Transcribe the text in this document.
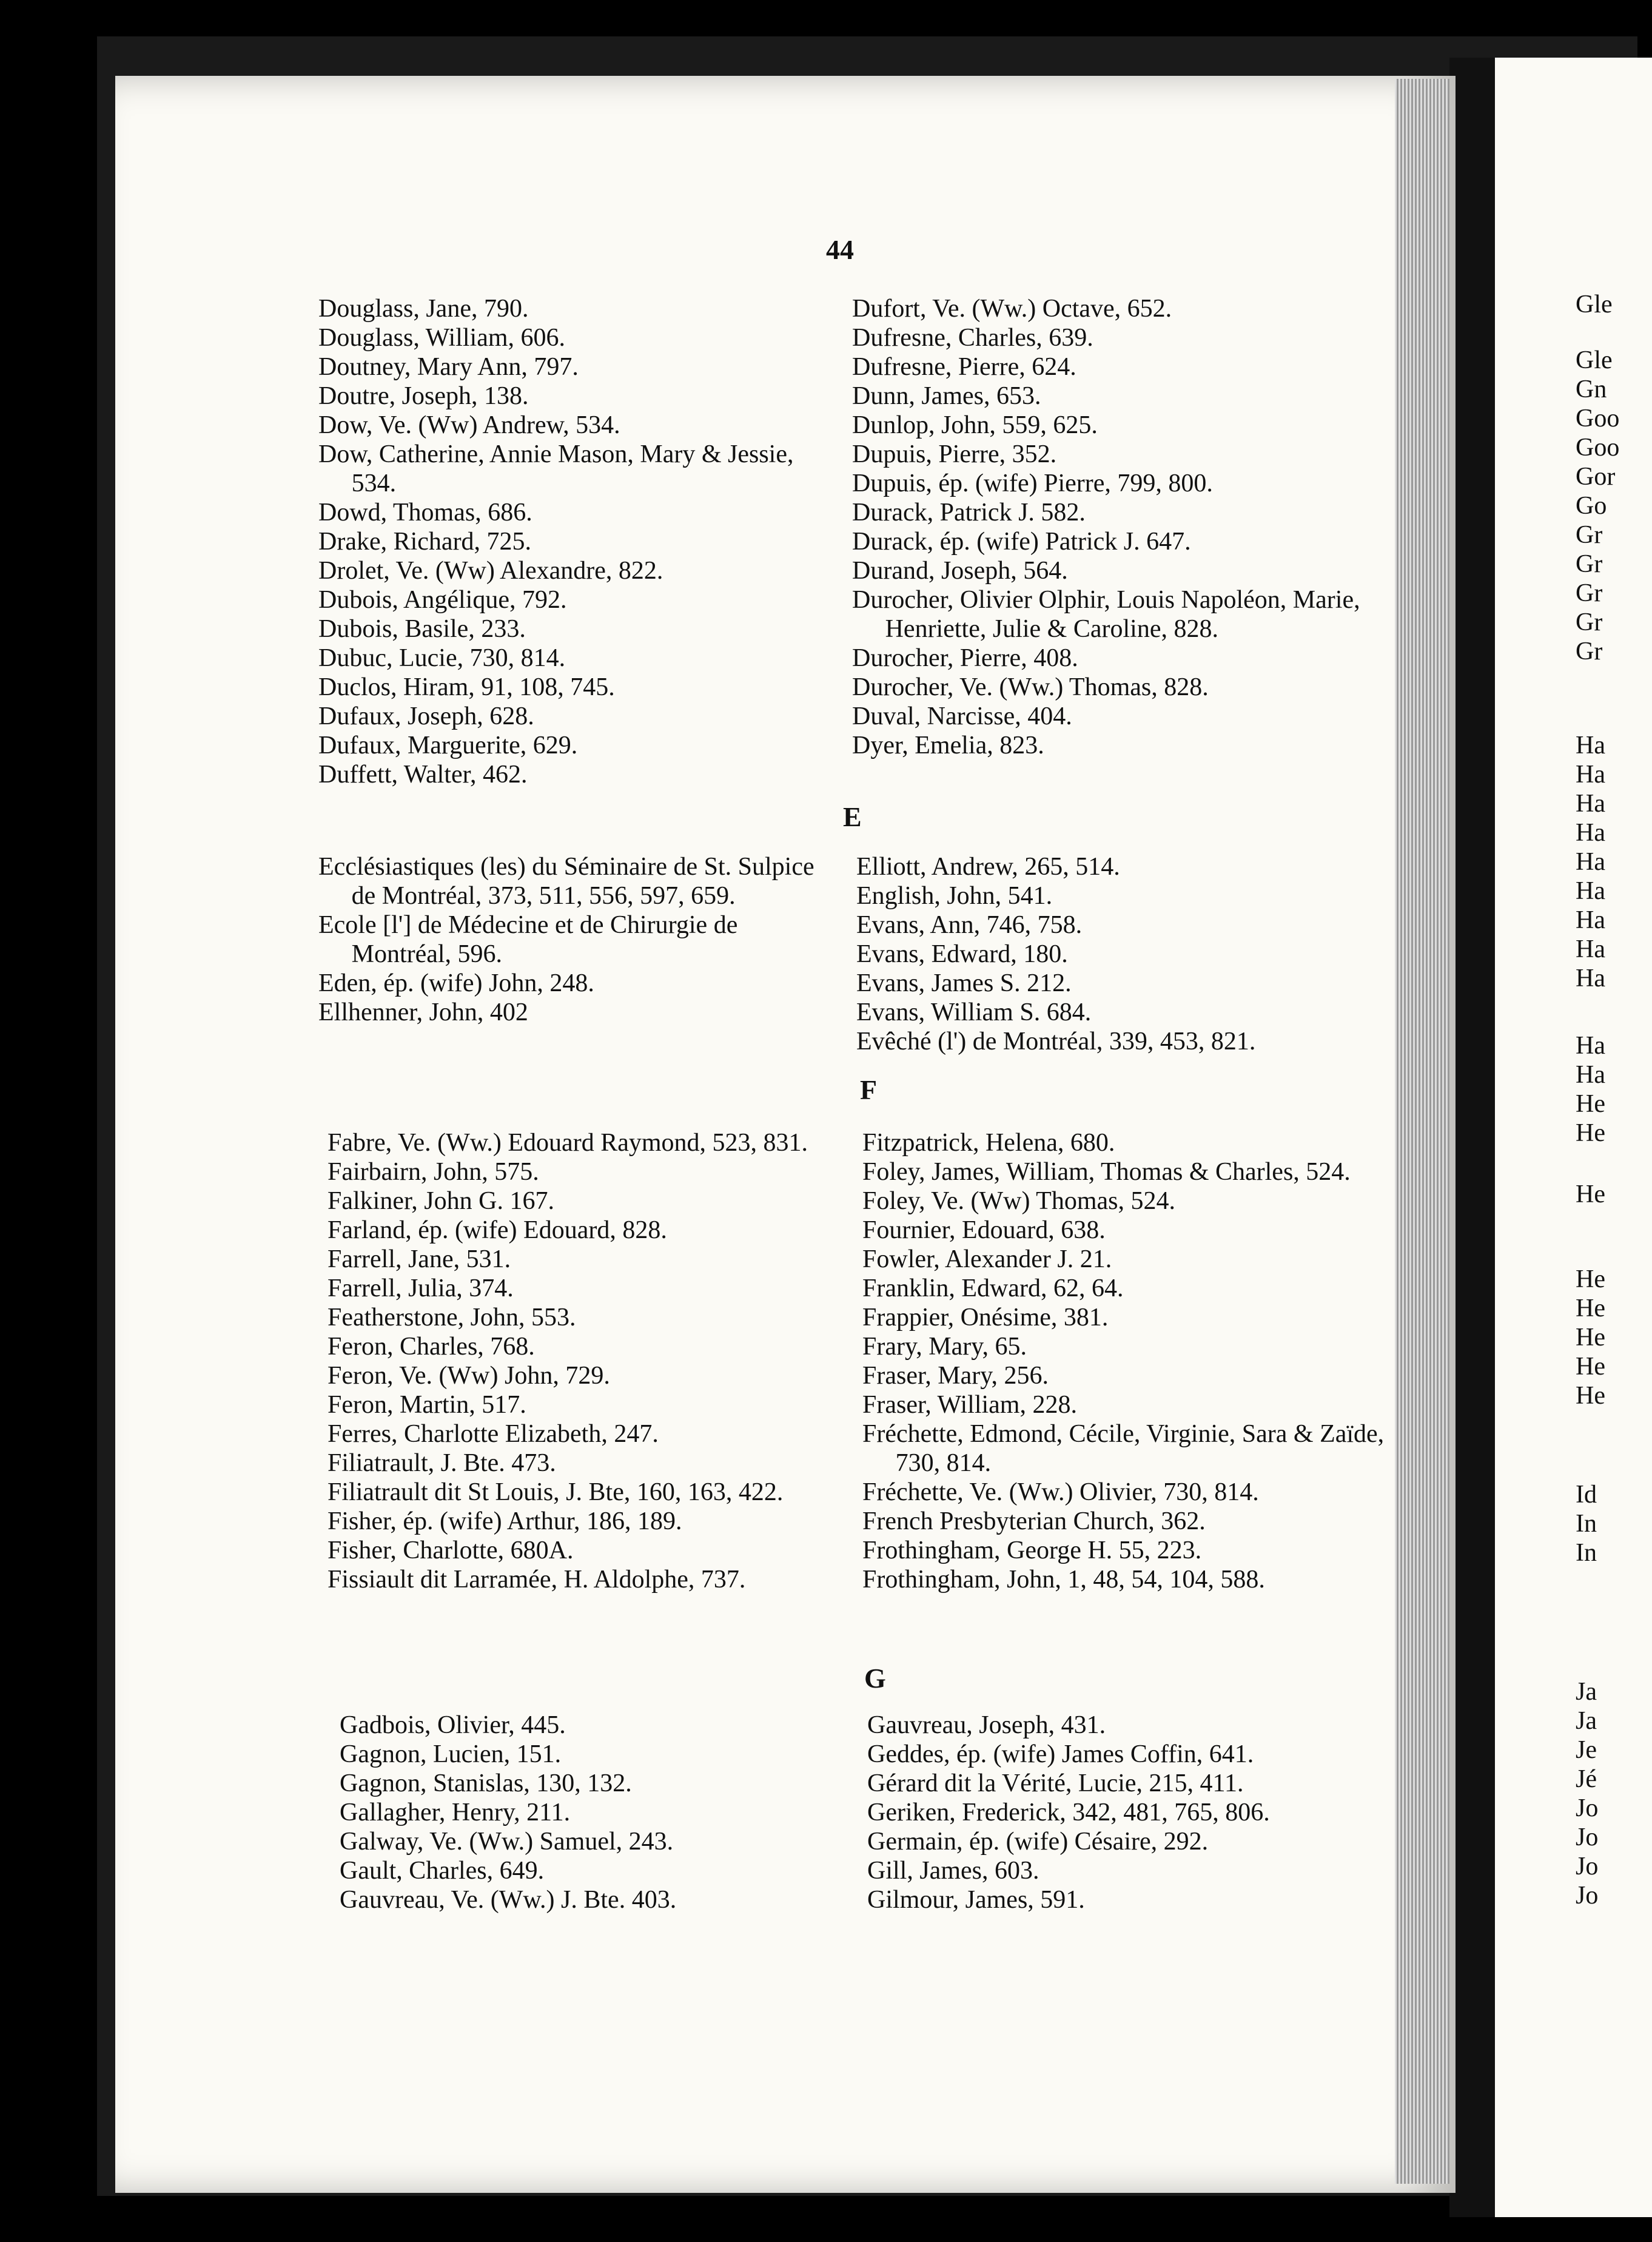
44
Douglass, Jane, 790.
Douglass, William, 606.
Doutney, Mary Ann, 797.
Doutre, Joseph, 138.
Dow, Ve. (Ww) Andrew, 534.
Dow, Catherine, Annie Mason, Mary & Jessie, 534.
Dowd, Thomas, 686.
Drake, Richard, 725.
Drolet, Ve. (Ww) Alexandre, 822.
Dubois, Angélique, 792.
Dubois, Basile, 233.
Dubuc, Lucie, 730, 814.
Duclos, Hiram, 91, 108, 745.
Dufaux, Joseph, 628.
Dufaux, Marguerite, 629.
Duffett, Walter, 462.
Dufort, Ve. (Ww.) Octave, 652.
Dufresne, Charles, 639.
Dufresne, Pierre, 624.
Dunn, James, 653.
Dunlop, John, 559, 625.
Dupuis, Pierre, 352.
Dupuis, ép. (wife) Pierre, 799, 800.
Durack, Patrick J. 582.
Durack, ép. (wife) Patrick J. 647.
Durand, Joseph, 564.
Durocher, Olivier Olphir, Louis Napoléon, Marie, Henriette, Julie & Caroline, 828.
Durocher, Pierre, 408.
Durocher, Ve. (Ww.) Thomas, 828.
Duval, Narcisse, 404.
Dyer, Emelia, 823.
E
Ecclésiastiques (les) du Séminaire de St. Sulpice de Montréal, 373, 511, 556, 597, 659.
Ecole [l'] de Médecine et de Chirurgie de Montréal, 596.
Eden, ép. (wife) John, 248.
Ellhenner, John, 402
Elliott, Andrew, 265, 514.
English, John, 541.
Evans, Ann, 746, 758.
Evans, Edward, 180.
Evans, James S. 212.
Evans, William S. 684.
Evêché (l') de Montréal, 339, 453, 821.
F
Fabre, Ve. (Ww.) Edouard Raymond, 523, 831.
Fairbairn, John, 575.
Falkiner, John G. 167.
Farland, ép. (wife) Edouard, 828.
Farrell, Jane, 531.
Farrell, Julia, 374.
Featherstone, John, 553.
Feron, Charles, 768.
Feron, Ve. (Ww) John, 729.
Feron, Martin, 517.
Ferres, Charlotte Elizabeth, 247.
Filiatrault, J. Bte. 473.
Filiatrault dit St Louis, J. Bte, 160, 163, 422.
Fisher, ép. (wife) Arthur, 186, 189.
Fisher, Charlotte, 680A.
Fissiault dit Larramée, H. Aldolphe, 737.
Fitzpatrick, Helena, 680.
Foley, James, William, Thomas & Charles, 524.
Foley, Ve. (Ww) Thomas, 524.
Fournier, Edouard, 638.
Fowler, Alexander J. 21.
Franklin, Edward, 62, 64.
Frappier, Onésime, 381.
Frary, Mary, 65.
Fraser, Mary, 256.
Fraser, William, 228.
Fréchette, Edmond, Cécile, Virginie, Sara & Zaïde, 730, 814.
Fréchette, Ve. (Ww.) Olivier, 730, 814.
French Presbyterian Church, 362.
Frothingham, George H. 55, 223.
Frothingham, John, 1, 48, 54, 104, 588.
G
Gadbois, Olivier, 445.
Gagnon, Lucien, 151.
Gagnon, Stanislas, 130, 132.
Gallagher, Henry, 211.
Galway, Ve. (Ww.) Samuel, 243.
Gault, Charles, 649.
Gauvreau, Ve. (Ww.) J. Bte. 403.
Gauvreau, Joseph, 431.
Geddes, ép. (wife) James Coffin, 641.
Gérard dit la Vérité, Lucie, 215, 411.
Geriken, Frederick, 342, 481, 765, 806.
Germain, ép. (wife) Césaire, 292.
Gill, James, 603.
Gilmour, James, 591.
Gle
Gle
Gn
Goo
Goo
Gor
Go
Gr
Gr
Gr
Gr
Gr
Ha
Ha
Ha
Ha
Ha
Ha
Ha
Ha
Ha
Ha
Ha
He
He
He
He
He
He
He
He
Id
In
In
Ja
Ja
Je
Jé
Jo
Jo
Jo
Jo
